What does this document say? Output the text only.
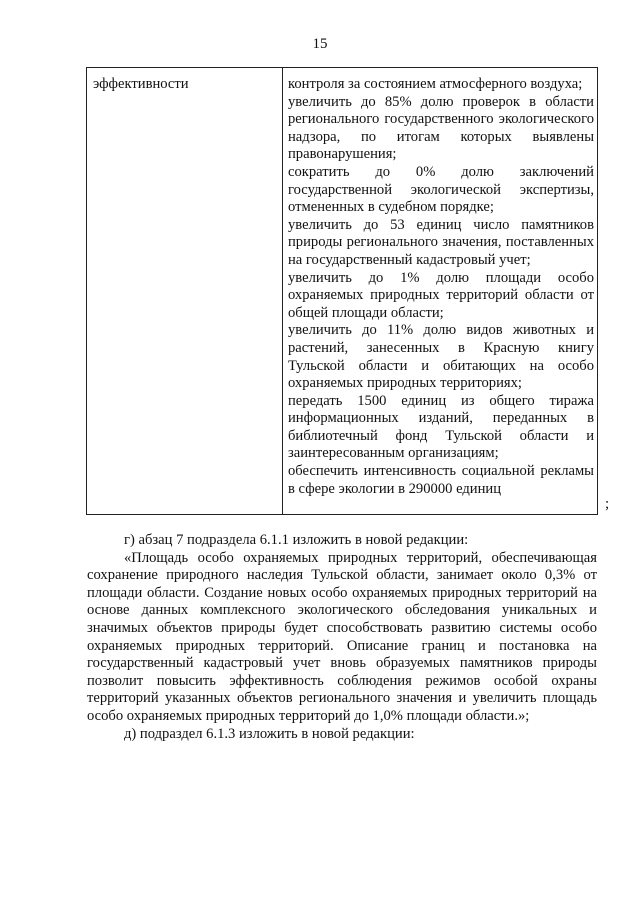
15
эффективности	контроля за состоянием атмосферного воздуха;

увеличить до 85% долю проверок в области регионального государственного экологического надзора, по итогам которых выявлены правонарушения;

сократить до 0% долю заключений государственной экологической экспертизы, отмененных в судебном порядке;

увеличить до 53 единиц число памятников природы регионального значения, поставленных на государственный кадастровый учет;

увеличить до 1% долю площади особо охраняемых природных территорий области от общей площади области;

увеличить до 11% долю видов животных и растений, занесенных в Красную книгу Тульской области и обитающих на особо охраняемых природных территориях;

передать 1500 единиц из общего тиража информационных изданий, переданных в библиотечный фонд Тульской области и заинтересованным организациям;

обеспечить интенсивность социальной рекламы в сфере экологии в 290000 единиц

;

г) абзац 7 подраздела 6.1.1 изложить в новой редакции:

«Площадь особо охраняемых природных территорий, обеспечивающая сохранение природного наследия Тульской области, занимает около 0,3% от площади области. Создание новых особо охраняемых природных территорий на основе данных комплексного экологического обследования уникальных и значимых объектов природы будет способствовать развитию системы особо охраняемых природных территорий. Описание границ и постановка на государственный кадастровый учет вновь образуемых памятников природы позволит повысить эффективность соблюдения режимов особой охраны территорий указанных объектов регионального значения и увеличить площадь особо охраняемых природных территорий до 1,0% площади области.»;

д) подраздел 6.1.3 изложить в новой редакции:
